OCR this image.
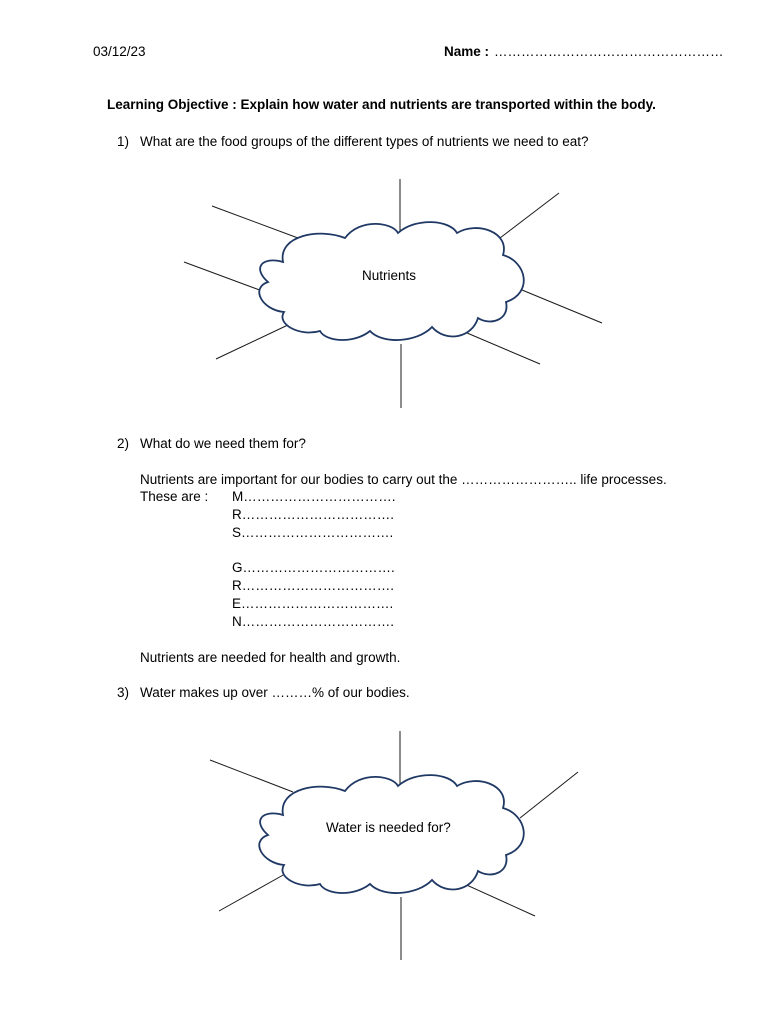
03/12/23	Name : ……………………………………………
Learning Objective : Explain how water and nutrients are transported within the body.
1) What are the food groups of the different types of nutrients we need to eat?
Nutrients
2) What do we need them for?
Nutrients are important for our bodies to carry out the …………………….. life processes.
These are : M…………………………….
R…………………………….
S…………………………….
G…………………………….
R…………………………….
E…………………………….
N…………………………….
Nutrients are needed for health and growth.
3) Water makes up over ………% of our bodies.
Water is needed for?
